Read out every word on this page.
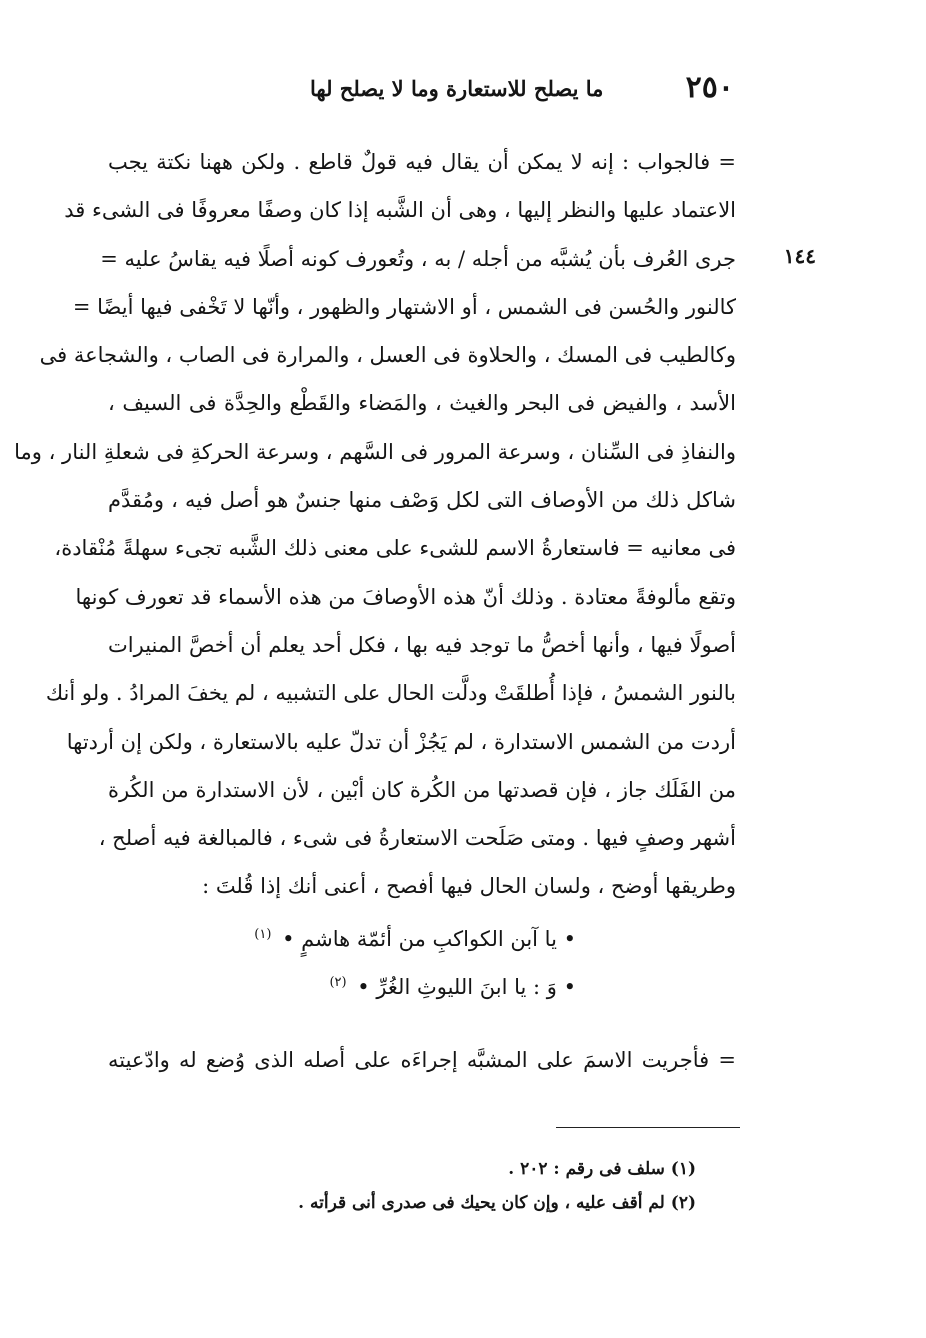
٢٥٠
ما يصلح للاستعارة وما لا يصلح لها
١٤٤
= فالجواب : إنه لا يمكن أن يقال فيه قولٌ قاطع . ولكن ههنا نكتة يجب
الاعتماد عليها والنظر إليها ، وهى أن الشَّبه إذا كان وصفًا معروفًا فى الشىء قد
جرى العُرف بأن يُشبَّه من أجله / به ، وتُعورف كونه أصلًا فيه يقاسُ عليه =
كالنور والحُسن فى الشمس ، أو الاشتهار والظهور ، وأنّها لا تَخْفى فيها أيضًا =
وكالطيب فى المسك ، والحلاوة فى العسل ، والمرارة فى الصاب ، والشجاعة فى
الأسد ، والفيض فى البحر والغيث ، والمَضاء والقَطْع والحِدَّة فى السيف ،
والنفاذِ فى السِّنان ، وسرعة المرور فى السَّهم ، وسرعة الحركةِ فى شعلةِ النار ، وما
شاكل ذلك من الأوصاف التى لكل وَصْف منها جنسٌ هو أصل فيه ، ومُقدَّم
فى معانيه = فاستعارةُ الاسم للشىء على معنى ذلك الشَّبه تجىء سهلةً مُنْقادة،
وتقع مألوفةً معتادة . وذلك أنّ هذه الأوصافَ من هذه الأسماء قد تعورف كونها
أصولًا فيها ، وأنها أخصُّ ما توجد فيه بها ، فكل أحد يعلم أن أخصَّ المنيرات
بالنور الشمسُ ، فإذا أُطلقَتْ ودلَّت الحال على التشبيه ، لم يخفَ المرادُ . ولو أنك
أردت من الشمس الاستدارة ، لم يَجُزْ أن تدلّ عليه بالاستعارة ، ولكن إن أردتها
من الفَلَك جاز ، فإن قصدتها من الكُرة كان أبْين ، لأن الاستدارة من الكُرة
أشهر وصفٍ فيها . ومتى صَلَحت الاستعارةُ فى شىء ، فالمبالغة فيه أصلح ،
وطريقها أوضح ، ولسان الحال فيها أفصح ، أعنى أنك إذا قُلتَ :
• يا آبن الكواكبِ من أئمّة هاشمٍ • $^{(١)}$
• وَ : يا ابنَ الليوثِ الغُرِّ • $^{(٢)}$
= فأجريت الاسمَ على المشبَّه إجراءَه على أصله الذى وُضع له وادّعيته
(١) سلف فى رقم : ٢٠٢ .
(٢) لم أقف عليه ، وإن كان يحيك فى صدرى أنى قرأته .
